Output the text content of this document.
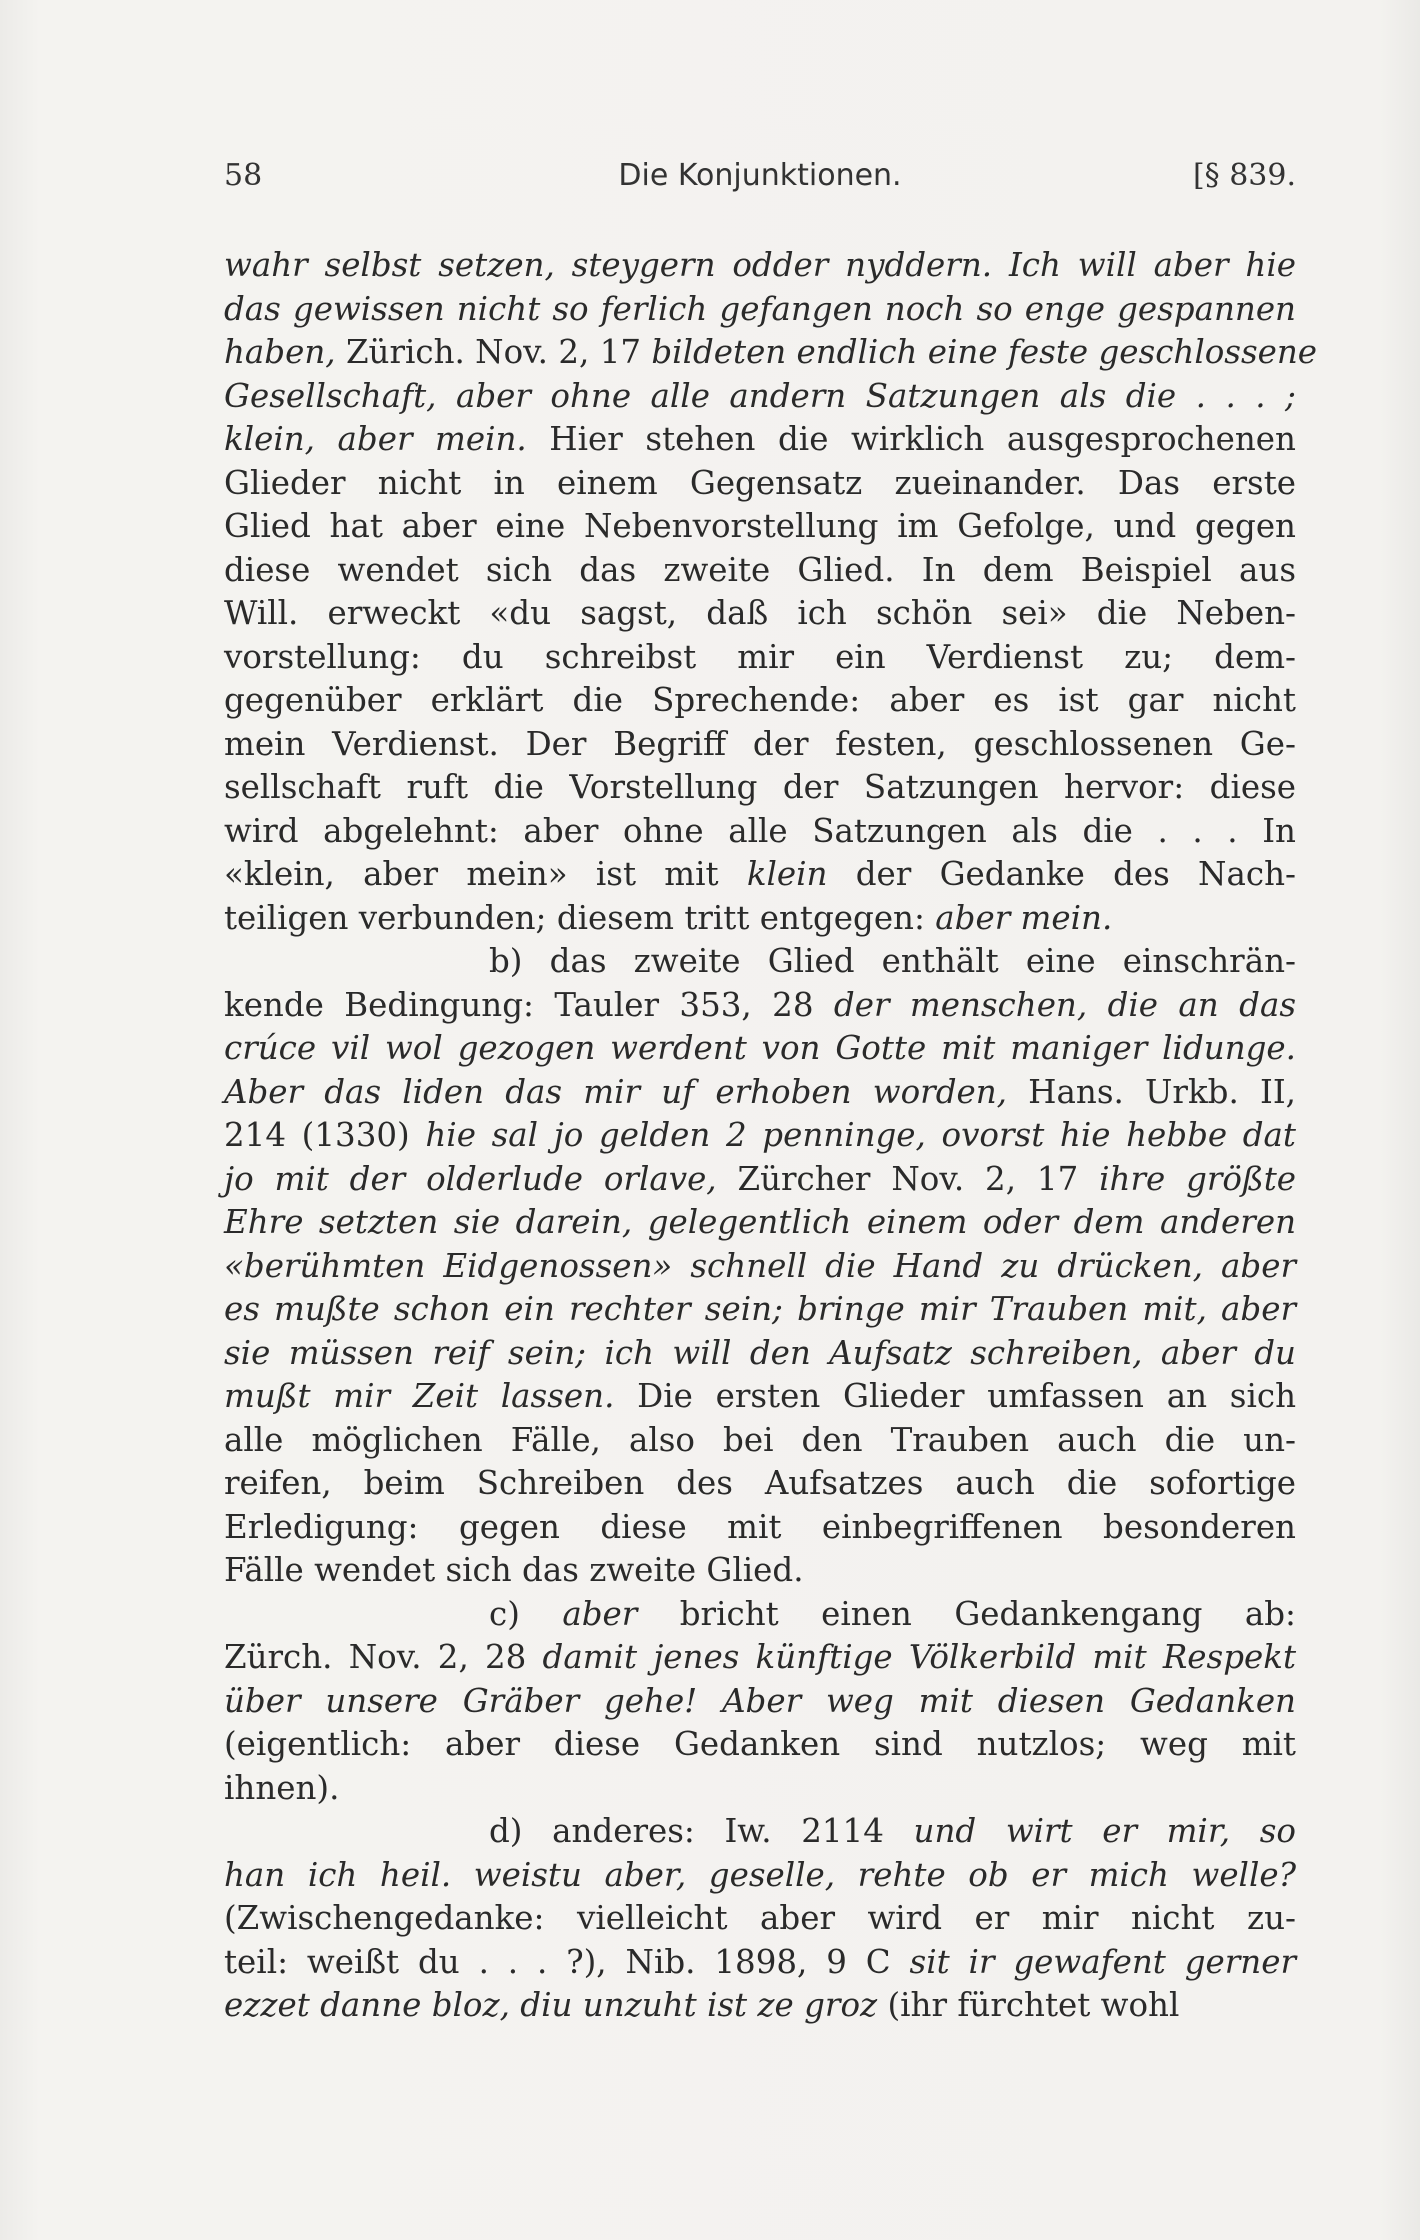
58	Die Konjunktionen.	[§ 839.
wahr selbst setzen, steygern odder nyddern. Ich will aber hie
das gewissen nicht so ferlich gefangen noch so enge gespannen
haben, Zürich. Nov. 2, 17 bildeten endlich eine feste geschlossene
Gesellschaft, aber ohne alle andern Satzungen als die . . . ;
klein, aber mein. Hier stehen die wirklich ausgesprochenen
Glieder nicht in einem Gegensatz zueinander. Das erste
Glied hat aber eine Nebenvorstellung im Gefolge, und gegen
diese wendet sich das zweite Glied. In dem Beispiel aus
Will. erweckt «du sagst, daß ich schön sei» die Neben-
vorstellung: du schreibst mir ein Verdienst zu; dem-
gegenüber erklärt die Sprechende: aber es ist gar nicht
mein Verdienst. Der Begriff der festen, geschlossenen Ge-
sellschaft ruft die Vorstellung der Satzungen hervor: diese
wird abgelehnt: aber ohne alle Satzungen als die . . . In
«klein, aber mein» ist mit klein der Gedanke des Nach-
teiligen verbunden; diesem tritt entgegen: aber mein.
b) das zweite Glied enthält eine einschrän-
kende Bedingung: Tauler 353, 28 der menschen, die an das
crúce vil wol gezogen werdent von Gotte mit maniger lidunge.
Aber das liden das mir uf erhoben worden, Hans. Urkb. II,
214 (1330) hie sal jo gelden 2 penninge, ovorst hie hebbe dat
jo mit der olderlude orlave, Zürcher Nov. 2, 17 ihre größte
Ehre setzten sie darein, gelegentlich einem oder dem anderen
«berühmten Eidgenossen» schnell die Hand zu drücken, aber
es mußte schon ein rechter sein; bringe mir Trauben mit, aber
sie müssen reif sein; ich will den Aufsatz schreiben, aber du
mußt mir Zeit lassen. Die ersten Glieder umfassen an sich
alle möglichen Fälle, also bei den Trauben auch die un-
reifen, beim Schreiben des Aufsatzes auch die sofortige
Erledigung: gegen diese mit einbegriffenen besonderen
Fälle wendet sich das zweite Glied.
c) aber bricht einen Gedankengang ab:
Zürch. Nov. 2, 28 damit jenes künftige Völkerbild mit Respekt
über unsere Gräber gehe! Aber weg mit diesen Gedanken
(eigentlich: aber diese Gedanken sind nutzlos; weg mit
ihnen).
d) anderes: Iw. 2114 und wirt er mir, so
han ich heil. weistu aber, geselle, rehte ob er mich welle?
(Zwischengedanke: vielleicht aber wird er mir nicht zu-
teil: weißt du . . . ?), Nib. 1898, 9 C sit ir gewafent gerner
ezzet danne bloz, diu unzuht ist ze groz (ihr fürchtet wohl
